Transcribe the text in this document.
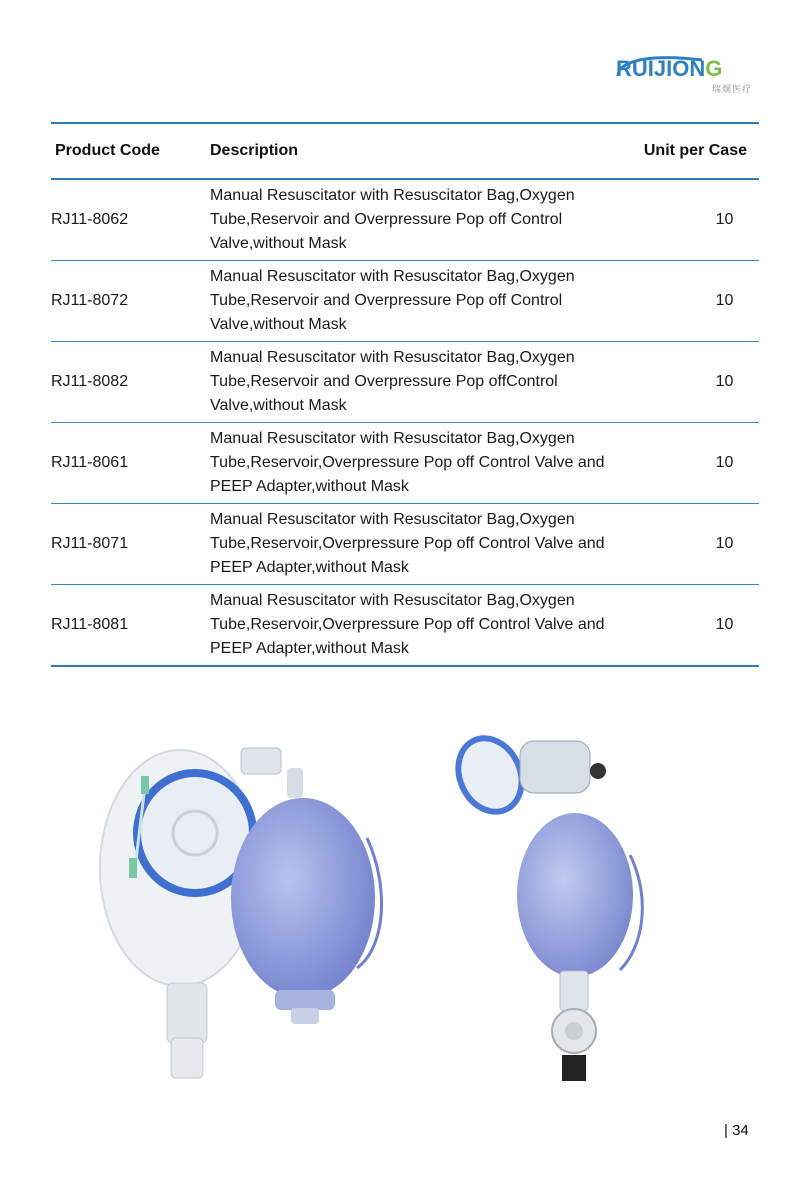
RUIJIONG
瑞炯医疗
Product Code	Description	Unit per Case
RJ11-8062	Manual Resuscitator with Resuscitator Bag,Oxygen Tube,Reservoir and Overpressure Pop off Control Valve,without Mask	10
RJ11-8072	Manual Resuscitator with Resuscitator Bag,Oxygen Tube,Reservoir and Overpressure Pop off Control Valve,without Mask	10
RJ11-8082	Manual Resuscitator with Resuscitator Bag,Oxygen Tube,Reservoir and Overpressure Pop offControl Valve,without Mask	10
RJ11-8061	Manual Resuscitator with Resuscitator Bag,Oxygen Tube,Reservoir,Overpressure Pop off Control Valve and PEEP Adapter,without Mask	10
RJ11-8071	Manual Resuscitator with Resuscitator Bag,Oxygen Tube,Reservoir,Overpressure Pop off Control Valve and PEEP Adapter,without Mask	10
RJ11-8081	Manual Resuscitator with Resuscitator Bag,Oxygen Tube,Reservoir,Overpressure Pop off Control Valve and PEEP Adapter,without Mask	10
| 34
